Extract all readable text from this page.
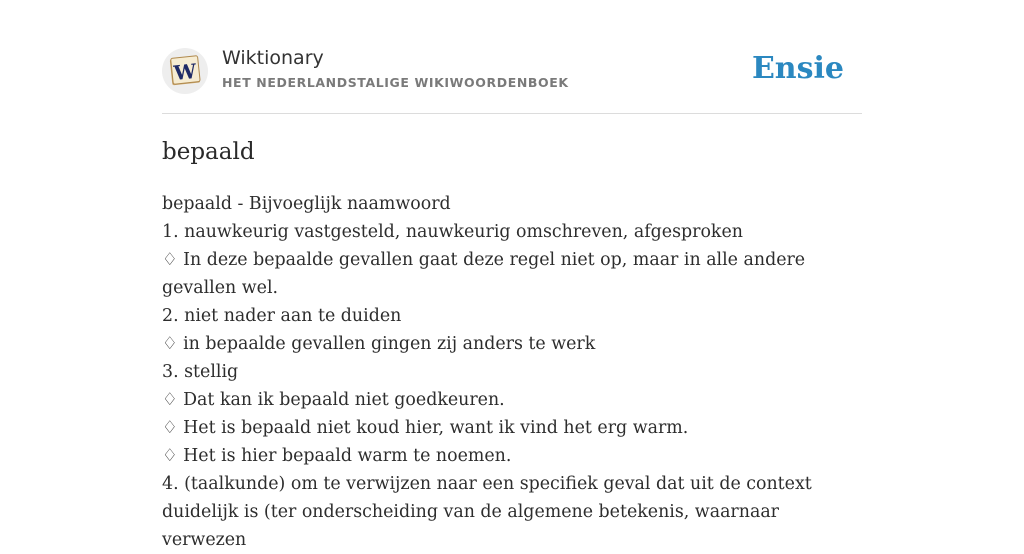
W
Wiktionary
HET NEDERLANDSTALIGE WIKIWOORDENBOEK	Ensie
bepaald
bepaald - Bijvoeglijk naamwoord
1. nauwkeurig vastgesteld, nauwkeurig omschreven, afgesproken
♢ In deze bepaalde gevallen gaat deze regel niet op, maar in alle andere gevallen wel.
2. niet nader aan te duiden
♢ in bepaalde gevallen gingen zij anders te werk
3. stellig
♢ Dat kan ik bepaald niet goedkeuren.
♢ Het is bepaald niet koud hier, want ik vind het erg warm.
♢ Het is hier bepaald warm te noemen.
4. (taalkunde) om te verwijzen naar een specifiek geval dat uit de context duidelijk is (ter onderscheiding van de algemene betekenis, waarnaar verwezen
